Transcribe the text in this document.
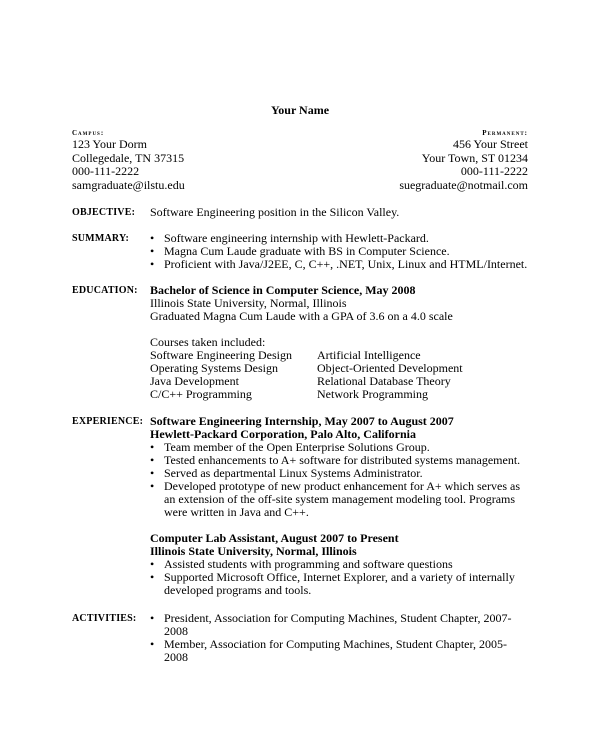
Your Name
Campus:
123 Your Dorm
Collegedale, TN 37315
000-111-2222
samgraduate@ilstu.edu
Permanent:
456 Your Street
Your Town, ST 01234
000-111-2222
suegraduate@notmail.com
OBJECTIVE: Software Engineering position in the Silicon Valley.
SUMMARY: • Software engineering internship with Hewlett-Packard.
• Magna Cum Laude graduate with BS in Computer Science.
• Proficient with Java/J2EE, C, C++, .NET, Unix, Linux and HTML/Internet.
EDUCATION: Bachelor of Science in Computer Science, May 2008
Illinois State University, Normal, Illinois
Graduated Magna Cum Laude with a GPA of 3.6 on a 4.0 scale
Courses taken included:
Software Engineering Design	Artificial Intelligence
Operating Systems Design	Object-Oriented Development
Java Development	Relational Database Theory
C/C++ Programming	Network Programming
EXPERIENCE: Software Engineering Internship, May 2007 to August 2007
Hewlett-Packard Corporation, Palo Alto, California
• Team member of the Open Enterprise Solutions Group.
• Tested enhancements to A+ software for distributed systems management.
• Served as departmental Linux Systems Administrator.
• Developed prototype of new product enhancement for A+ which serves as an extension of the off-site system management modeling tool. Programs were written in Java and C++.
Computer Lab Assistant, August 2007 to Present
Illinois State University, Normal, Illinois
• Assisted students with programming and software questions
• Supported Microsoft Office, Internet Explorer, and a variety of internally developed programs and tools.
ACTIVITIES: • President, Association for Computing Machines, Student Chapter, 2007-2008
• Member, Association for Computing Machines, Student Chapter, 2005-2008
